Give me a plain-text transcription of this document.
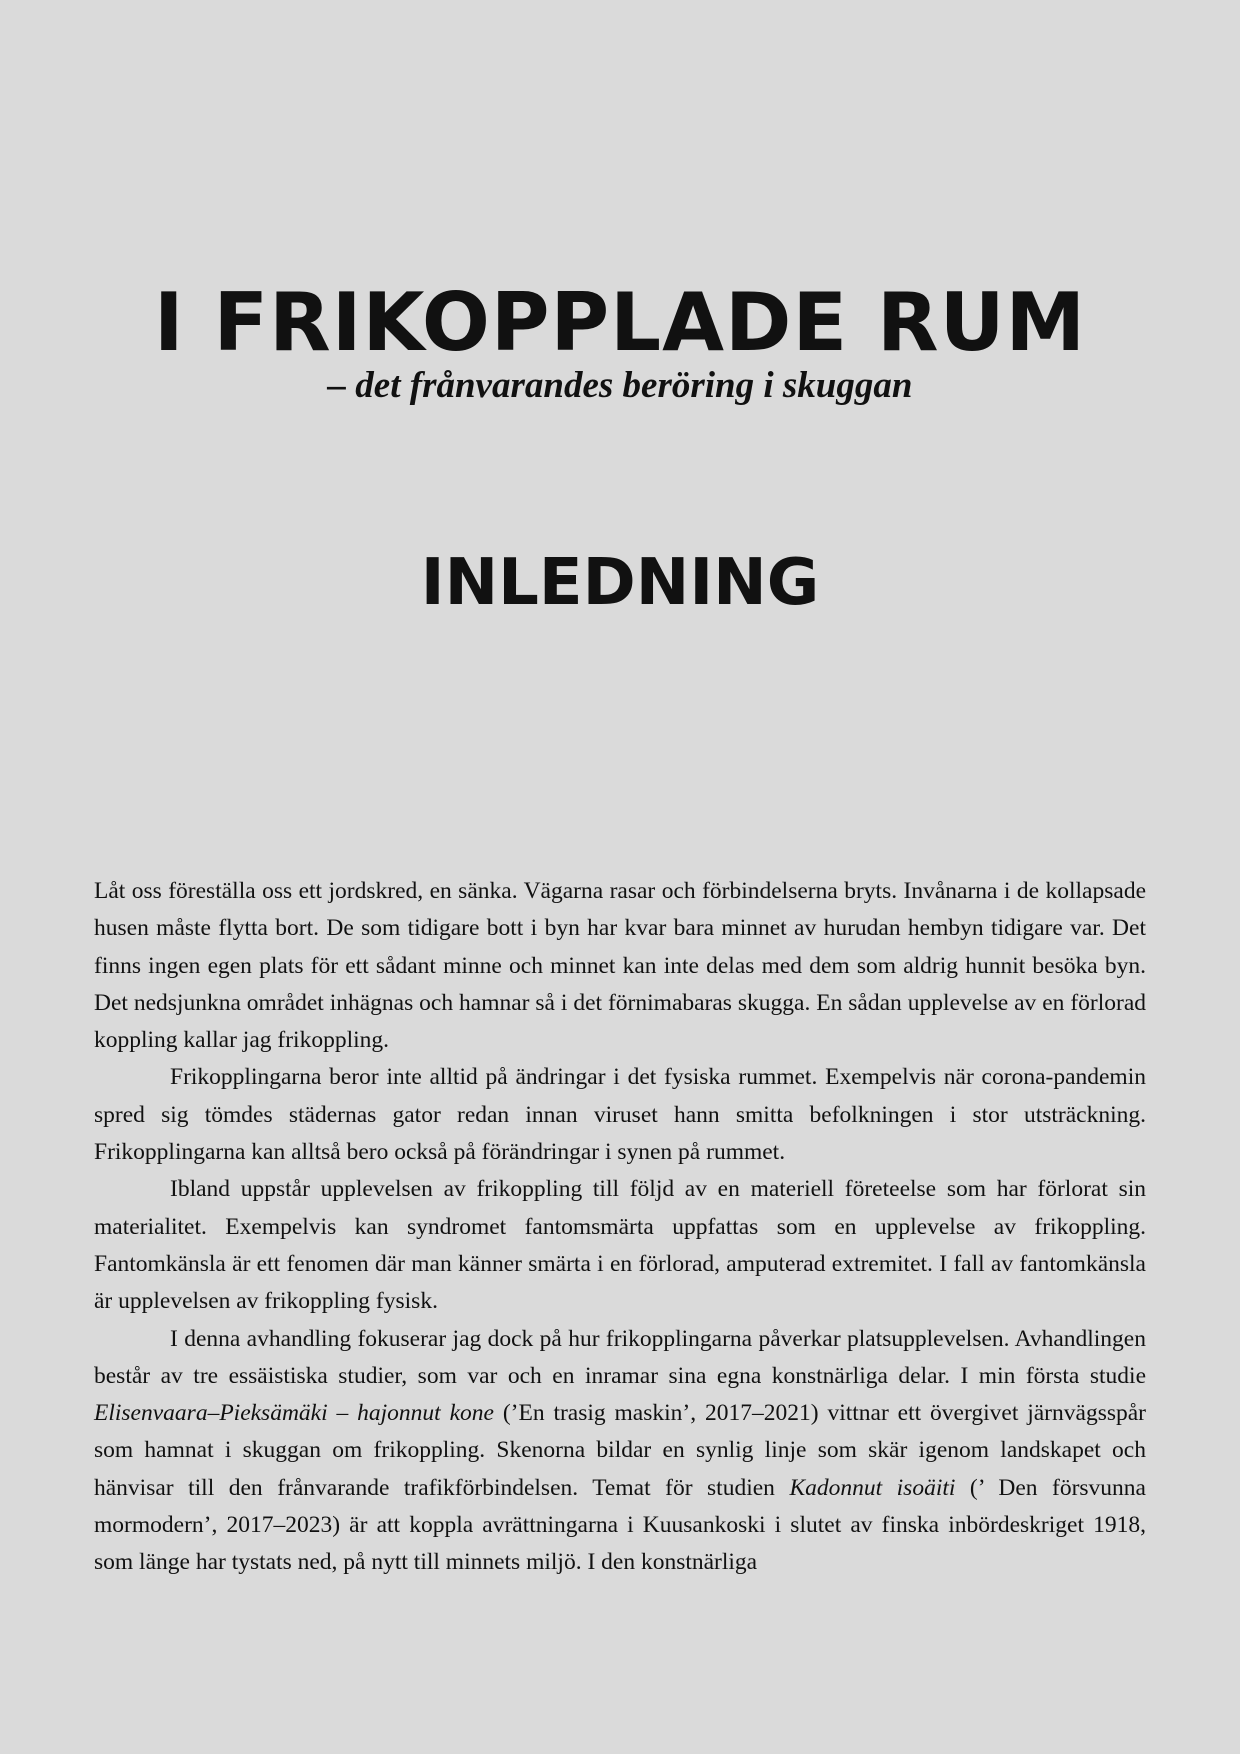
I FRIKOPPLADE RUM
– det frånvarandes beröring i skuggan
INLEDNING

Låt oss föreställa oss ett jordskred, en sänka. Vägarna rasar och förbindelserna bryts. Invånarna i de kollapsade husen måste flytta bort. De som tidigare bott i byn har kvar bara minnet av hurudan hembyn tidigare var. Det finns ingen egen plats för ett sådant minne och minnet kan inte delas med dem som aldrig hunnit besöka byn. Det nedsjunkna området inhägnas och hamnar så i det förnimabaras skugga. En sådan upplevelse av en förlorad koppling kallar jag frikoppling.

Frikopplingarna beror inte alltid på ändringar i det fysiska rummet. Exempelvis när corona-pandemin spred sig tömdes städernas gator redan innan viruset hann smitta befolkningen i stor utsträckning. Frikopplingarna kan alltså bero också på förändringar i synen på rummet.

Ibland uppstår upplevelsen av frikoppling till följd av en materiell företeelse som har förlorat sin materialitet. Exempelvis kan syndromet fantomsmärta uppfattas som en upplevelse av frikoppling. Fantomkänsla är ett fenomen där man känner smärta i en förlorad, amputerad extremitet. I fall av fantomkänsla är upplevelsen av frikoppling fysisk.

I denna avhandling fokuserar jag dock på hur frikopplingarna påverkar platsupplevelsen. Avhandlingen består av tre essäistiska studier, som var och en inramar sina egna konstnärliga delar. I min första studie Elisenvaara–Pieksämäki – hajonnut kone (’En trasig maskin’, 2017–2021) vittnar ett övergivet järnvägsspår som hamnat i skuggan om frikoppling. Skenorna bildar en synlig linje som skär igenom landskapet och hänvisar till den frånvarande trafikförbindelsen. Temat för studien Kadonnut isoäiti (’ Den försvunna mormodern’, 2017–2023) är att koppla avrättningarna i Kuusankoski i slutet av finska inbördeskriget 1918, som länge har tystats ned, på nytt till minnets miljö. I den konstnärliga
